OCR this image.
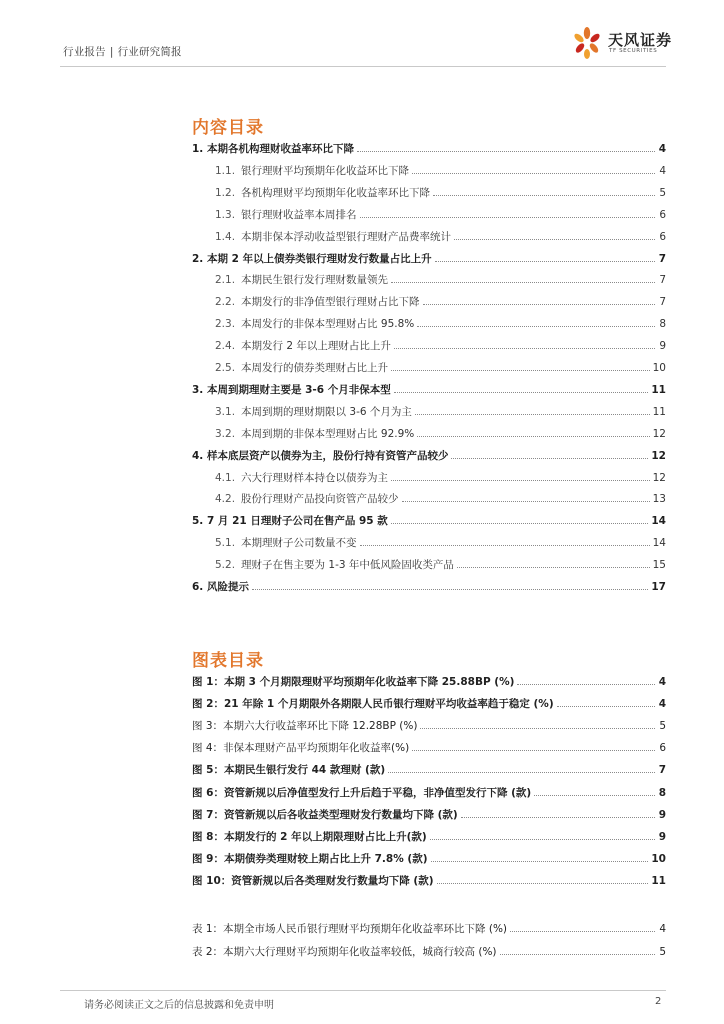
行业报告 | 行业研究简报
天风证券
TF SECURITIES
内容目录
1. 本期各机构理财收益率环比下降	4
1.1. 银行理财平均预期年化收益环比下降	4
1.2. 各机构理财平均预期年化收益率环比下降	5
1.3. 银行理财收益率本周排名	6
1.4. 本期非保本浮动收益型银行理财产品费率统计	6
2. 本期 2 年以上债券类银行理财发行数量占比上升	7
2.1. 本期民生银行发行理财数量领先	7
2.2. 本期发行的非净值型银行理财占比下降	7
2.3. 本周发行的非保本型理财占比 95.8%	8
2.4. 本期发行 2 年以上理财占比上升	9
2.5. 本周发行的债券类理财占比上升	10
3. 本周到期理财主要是 3-6 个月非保本型	11
3.1. 本周到期的理财期限以 3-6 个月为主	11
3.2. 本周到期的非保本型理财占比 92.9%	12
4. 样本底层资产以债券为主，股份行持有资管产品较少	12
4.1. 六大行理财样本持仓以债券为主	12
4.2. 股份行理财产品投向资管产品较少	13
5. 7 月 21 日理财子公司在售产品 95 款	14
5.1. 本期理财子公司数量不变	14
5.2. 理财子在售主要为 1-3 年中低风险固收类产品	15
6. 风险提示	17
图表目录
图 1：本期 3 个月期限理财平均预期年化收益率下降 25.88BP (%)	4
图 2：21 年除 1 个月期限外各期限人民币银行理财平均收益率趋于稳定 (%)	4
图 3：本期六大行收益率环比下降 12.28BP (%)	5
图 4：非保本理财产品平均预期年化收益率(%)	6
图 5：本期民生银行发行 44 款理财 (款)	7
图 6：资管新规以后净值型发行上升后趋于平稳，非净值型发行下降 (款)	8
图 7：资管新规以后各收益类型理财发行数量均下降 (款)	9
图 8：本期发行的 2 年以上期限理财占比上升(款)	9
图 9：本期债券类理财较上期占比上升 7.8% (款)	10
图 10：资管新规以后各类理财发行数量均下降 (款)	11
表 1：本期全市场人民币银行理财平均预期年化收益率环比下降 (%)	4
表 2：本期六大行理财平均预期年化收益率较低，城商行较高 (%)	5
请务必阅读正文之后的信息披露和免责申明	2
